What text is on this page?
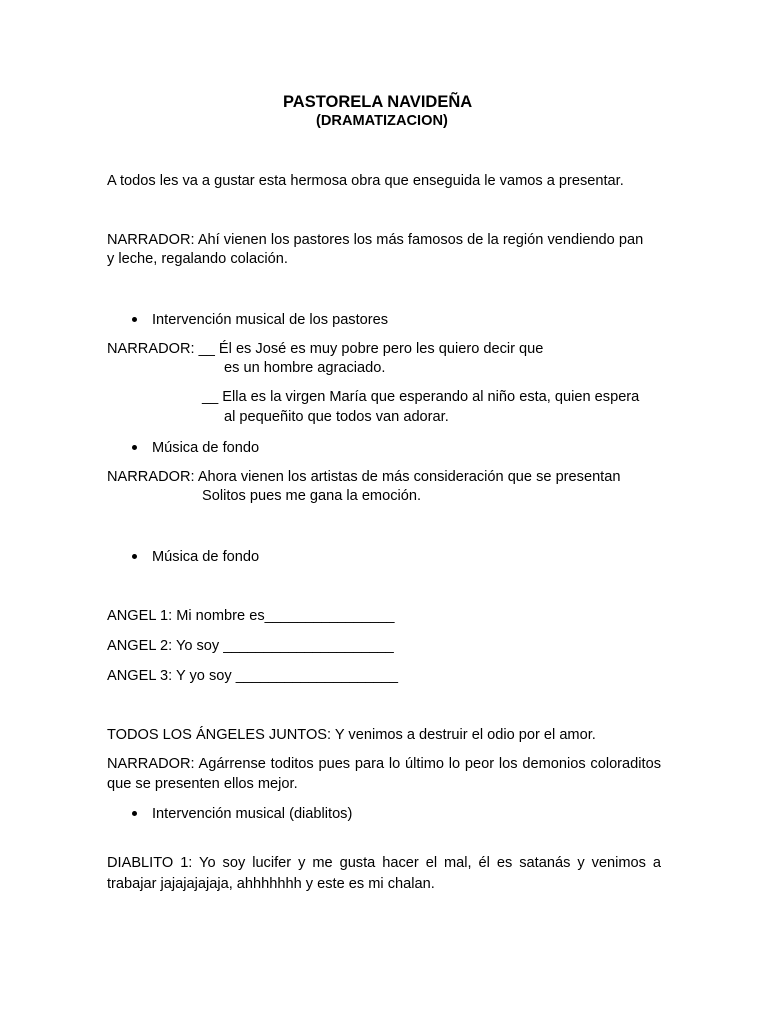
PASTORELA NAVIDEÑA
(DRAMATIZACION)
A todos les va a gustar esta hermosa obra que enseguida le vamos a presentar.
NARRADOR: Ahí vienen los pastores los más famosos de la región vendiendo pan
y leche, regalando colación.
Intervención musical de los pastores
NARRADOR: __ Él es José es muy pobre pero les quiero decir que
es un hombre agraciado.
__ Ella es la virgen María que esperando al niño esta, quien espera
al pequeñito que todos van adorar.
Música de fondo
NARRADOR: Ahora vienen los artistas de más consideración que se presentan
Solitos pues me gana la emoción.
Música de fondo
ANGEL 1: Mi nombre es________________
ANGEL 2: Yo soy _____________________
ANGEL 3: Y yo soy ____________________
TODOS LOS ÁNGELES JUNTOS: Y venimos a destruir el odio por el amor.
NARRADOR: Agárrense toditos pues para lo último lo peor los demonios coloraditos que se presenten ellos mejor.
Intervención musical (diablitos)
DIABLITO 1: Yo soy lucifer y me gusta hacer el mal, él es satanás y venimos a trabajar jajajajajaja, ahhhhhhh y este es mi chalan.
